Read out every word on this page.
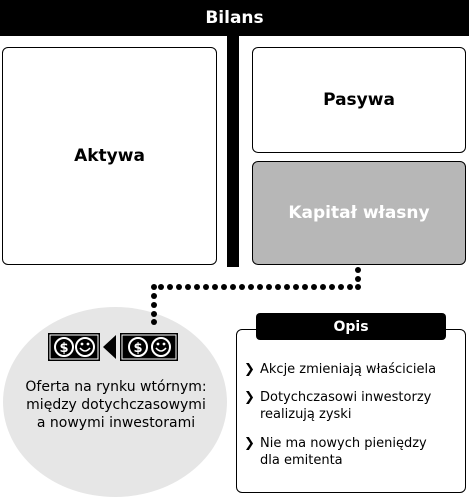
Bilans
Aktywa
Pasywa
Kapitał własny
$	$
Oferta na rynku wtórnym:
między dotychczasowymi
a nowymi inwestorami
Opis
❯ Akcje zmieniają właściciela
❯ Dotychczasowi inwestorzy
realizują zyski
❯ Nie ma nowych pieniędzy
dla emitenta
